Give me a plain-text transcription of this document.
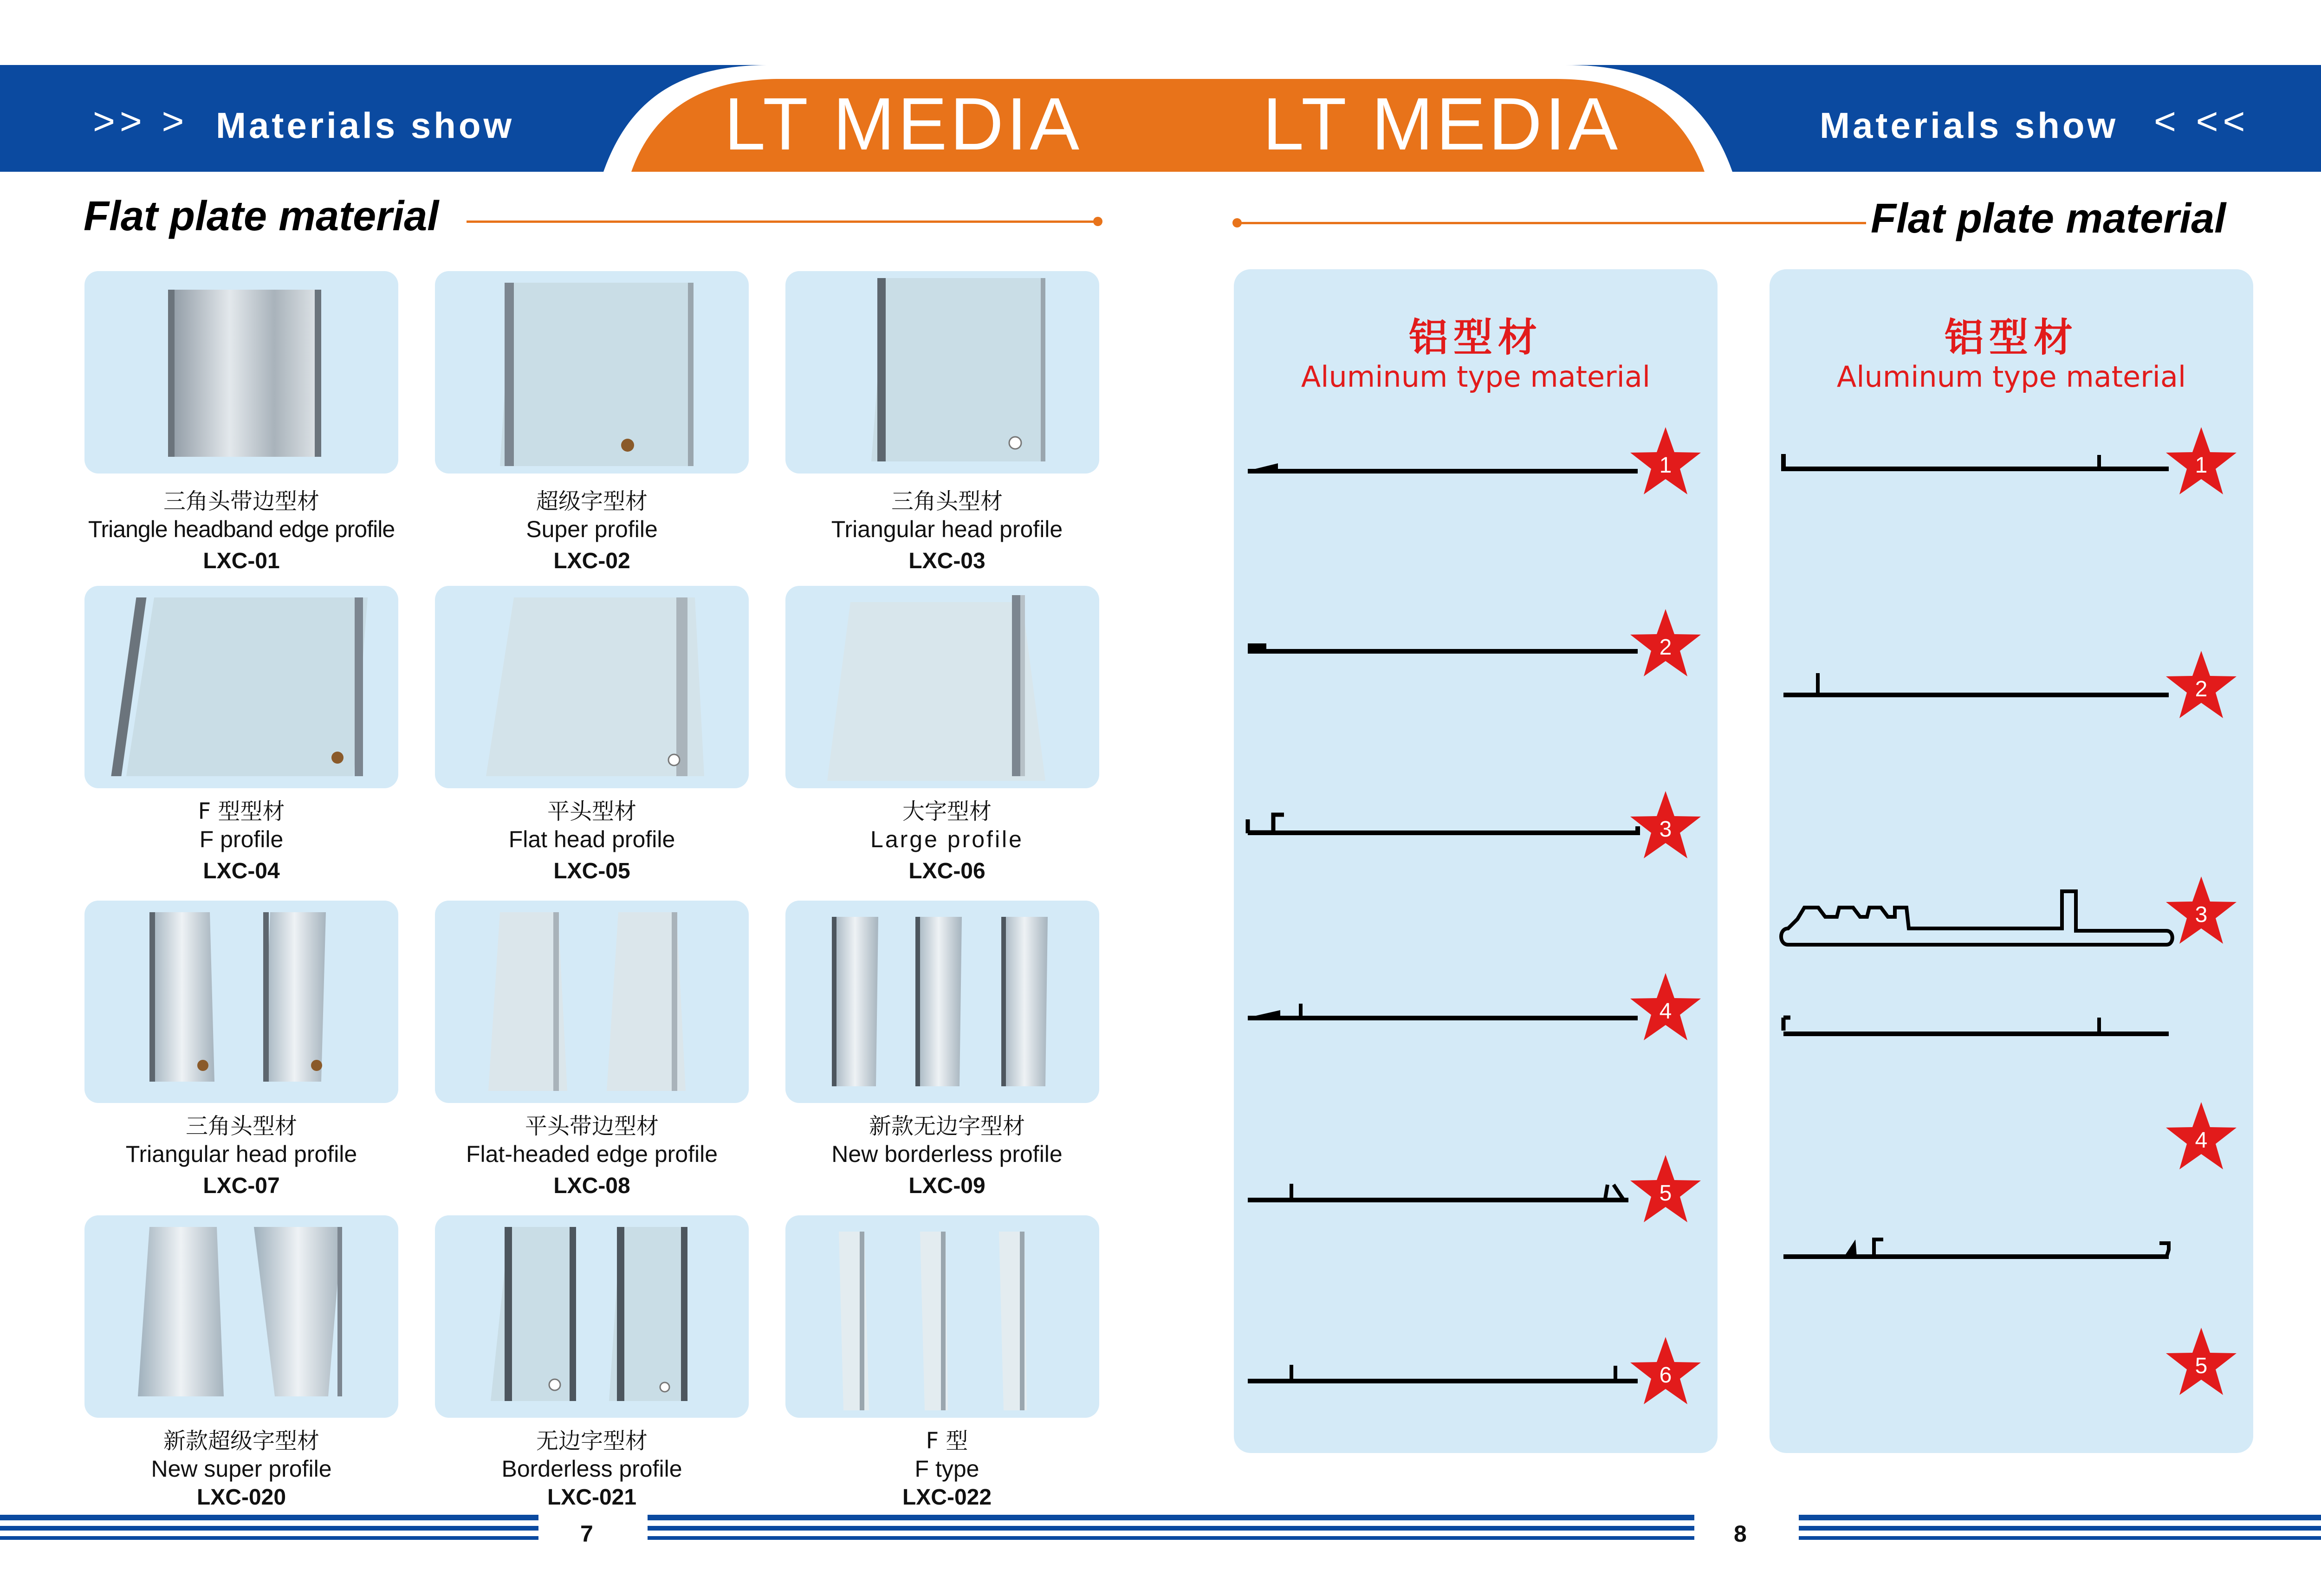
>> > Materials show	LT MEDIA LT MEDIA	Materials show < <<
Flat plate material	Flat plate material
三角头带边型材
Triangle headband edge profile
LXC-01
超级字型材
Super profile
LXC-02
三角头型材
Triangular head profile
LXC-03
F 型型材
F profile
LXC-04
平头型材
Flat head profile
LXC-05
大字型材
Large profile
LXC-06
三角头型材
Triangular head profile
LXC-07
平头带边型材
Flat-headed edge profile
LXC-08
新款无边字型材
New borderless profile
LXC-09
新款超级字型材
New super profile
LXC-020
无边字型材
Borderless profile
LXC-021
F 型
F type
LXC-022
铝型材
Aluminum type material
1
2
3
4
5
6
铝型材
Aluminum type material
1
2
3
4
5
7	8
